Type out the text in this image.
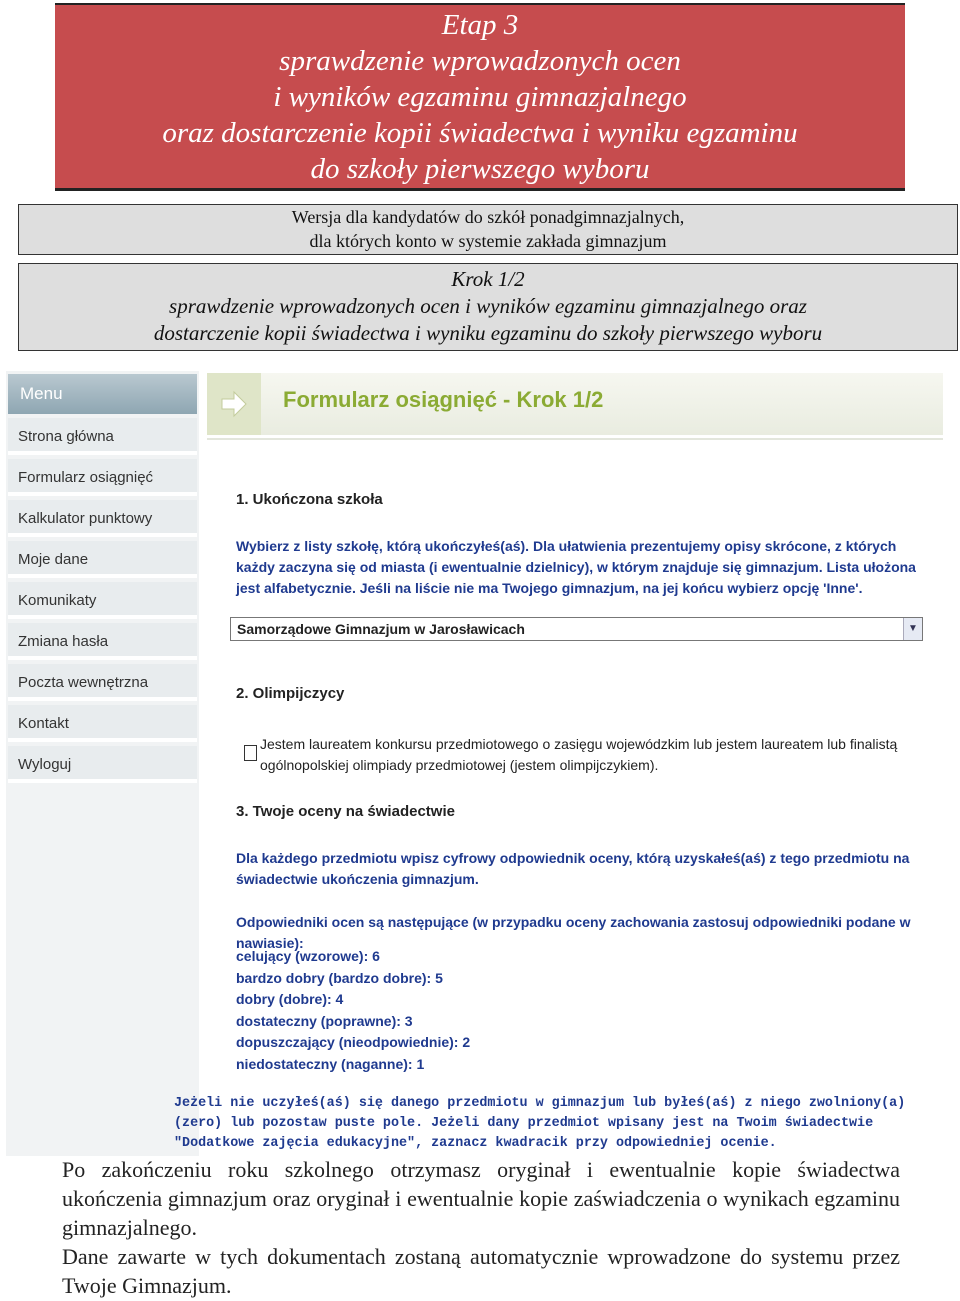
Etap 3
sprawdzenie wprowadzonych ocen
i wyników egzaminu gimnazjalnego
oraz dostarczenie kopii świadectwa i wyniku egzaminu
do szkoły pierwszego wyboru
Wersja dla kandydatów do szkół ponadgimnazjalnych,
dla których konto w systemie zakłada gimnazjum
Krok 1/2
sprawdzenie wprowadzonych ocen i wyników egzaminu gimnazjalnego oraz
dostarczenie kopii świadectwa i wyniku egzaminu do szkoły pierwszego wyboru
Menu
Strona główna
Formularz osiągnięć
Kalkulator punktowy
Moje dane
Komunikaty
Zmiana hasła
Poczta wewnętrzna
Kontakt
Wyloguj
Formularz osiągnięć - Krok 1/2
1. Ukończona szkoła
Wybierz z listy szkołę, którą ukończyłeś(aś). Dla ułatwienia prezentujemy opisy skrócone, z których każdy zaczyna się od miasta (i ewentualnie dzielnicy), w którym znajduje się gimnazjum. Lista ułożona jest alfabetycznie. Jeśli na liście nie ma Twojego gimnazjum, na jej końcu wybierz opcję 'Inne'.
Samorządowe Gimnazjum w Jarosławicach	▼
2. Olimpijczycy
Jestem laureatem konkursu przedmiotowego o zasięgu wojewódzkim lub jestem laureatem lub finalistą ogólnopolskiej olimpiady przedmiotowej (jestem olimpijczykiem).
3. Twoje oceny na świadectwie
Dla każdego przedmiotu wpisz cyfrowy odpowiednik oceny, którą uzyskałeś(aś) z tego przedmiotu na świadectwie ukończenia gimnazjum.
Odpowiedniki ocen są następujące (w przypadku oceny zachowania zastosuj odpowiedniki podane w nawiasie):
celujący (wzorowe): 6
bardzo dobry (bardzo dobre): 5
dobry (dobre): 4
dostateczny (poprawne): 3
dopuszczający (nieodpowiednie): 2
niedostateczny (naganne): 1
Jeżeli nie uczyłeś(aś) się danego przedmiotu w gimnazjum lub byłeś(aś) z niego zwolniony(a)
(zero) lub pozostaw puste pole. Jeżeli dany przedmiot wpisany jest na Twoim świadectwie
"Dodatkowe zajęcia edukacyjne", zaznacz kwadracik przy odpowiedniej ocenie.
Po zakończeniu roku szkolnego otrzymasz oryginał i ewentualnie kopie świadectwa ukończenia gimnazjum oraz oryginał i ewentualnie kopie zaświadczenia o wynikach egzaminu gimnazjalnego.
Dane zawarte w tych dokumentach zostaną automatycznie wprowadzone do systemu przez Twoje Gimnazjum.
